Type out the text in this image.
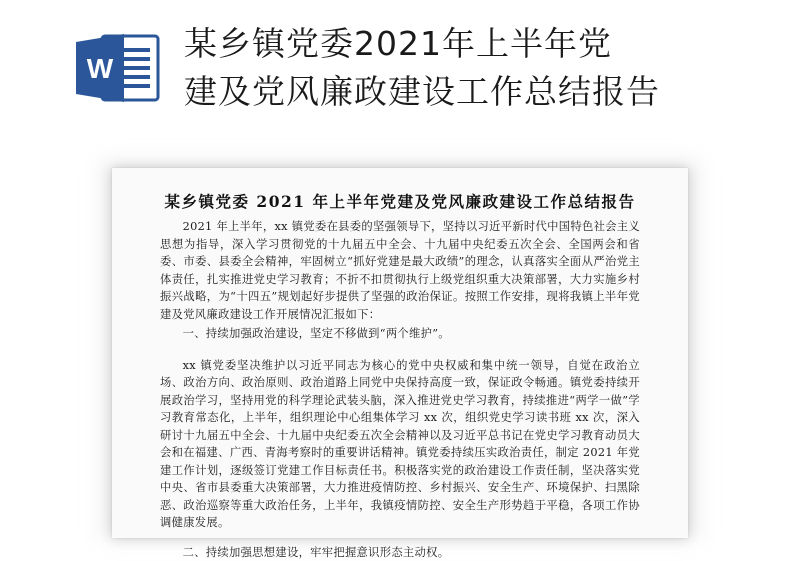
W
某乡镇党委2021年上半年党
建及党风廉政建设工作总结报告
某乡镇党委 2021 年上半年党建及党风廉政建设工作总结报告

2021 年上半年，xx 镇党委在县委的坚强领导下，坚持以习近平新时代中国特色社会主义思想为指导，深入学习贯彻党的十九届五中全会、十九届中央纪委五次全会、全国两会和省委、市委、县委全会精神，牢固树立“抓好党建是最大政绩”的理念，认真落实全面从严治党主体责任，扎实推进党史学习教育；不折不扣贯彻执行上级党组织重大决策部署，大力实施乡村振兴战略，为“十四五”规划起好步提供了坚强的政治保证。按照工作安排，现将我镇上半年党建及党风廉政建设工作开展情况汇报如下：

一、持续加强政治建设，坚定不移做到“两个维护”。

xx 镇党委坚决维护以习近平同志为核心的党中央权威和集中统一领导，自觉在政治立场、政治方向、政治原则、政治道路上同党中央保持高度一致，保证政令畅通。镇党委持续开展政治学习，坚持用党的科学理论武装头脑，深入推进党史学习教育，持续推进“两学一做”学习教育常态化，上半年，组织理论中心组集体学习 xx 次，组织党史学习读书班 xx 次，深入研讨十九届五中全会、十九届中央纪委五次全会精神以及习近平总书记在党史学习教育动员大会和在福建、广西、青海考察时的重要讲话精神。镇党委持续压实政治责任，制定 2021 年党建工作计划，逐级签订党建工作目标责任书。积极落实党的政治建设工作责任制，坚决落实党中央、省市县委重大决策部署，大力推进疫情防控、乡村振兴、安全生产、环境保护、扫黑除恶、政治巡察等重大政治任务，上半年，我镇疫情防控、安全生产形势趋于平稳，各项工作协调健康发展。

二、持续加强思想建设，牢牢把握意识形态主动权。
